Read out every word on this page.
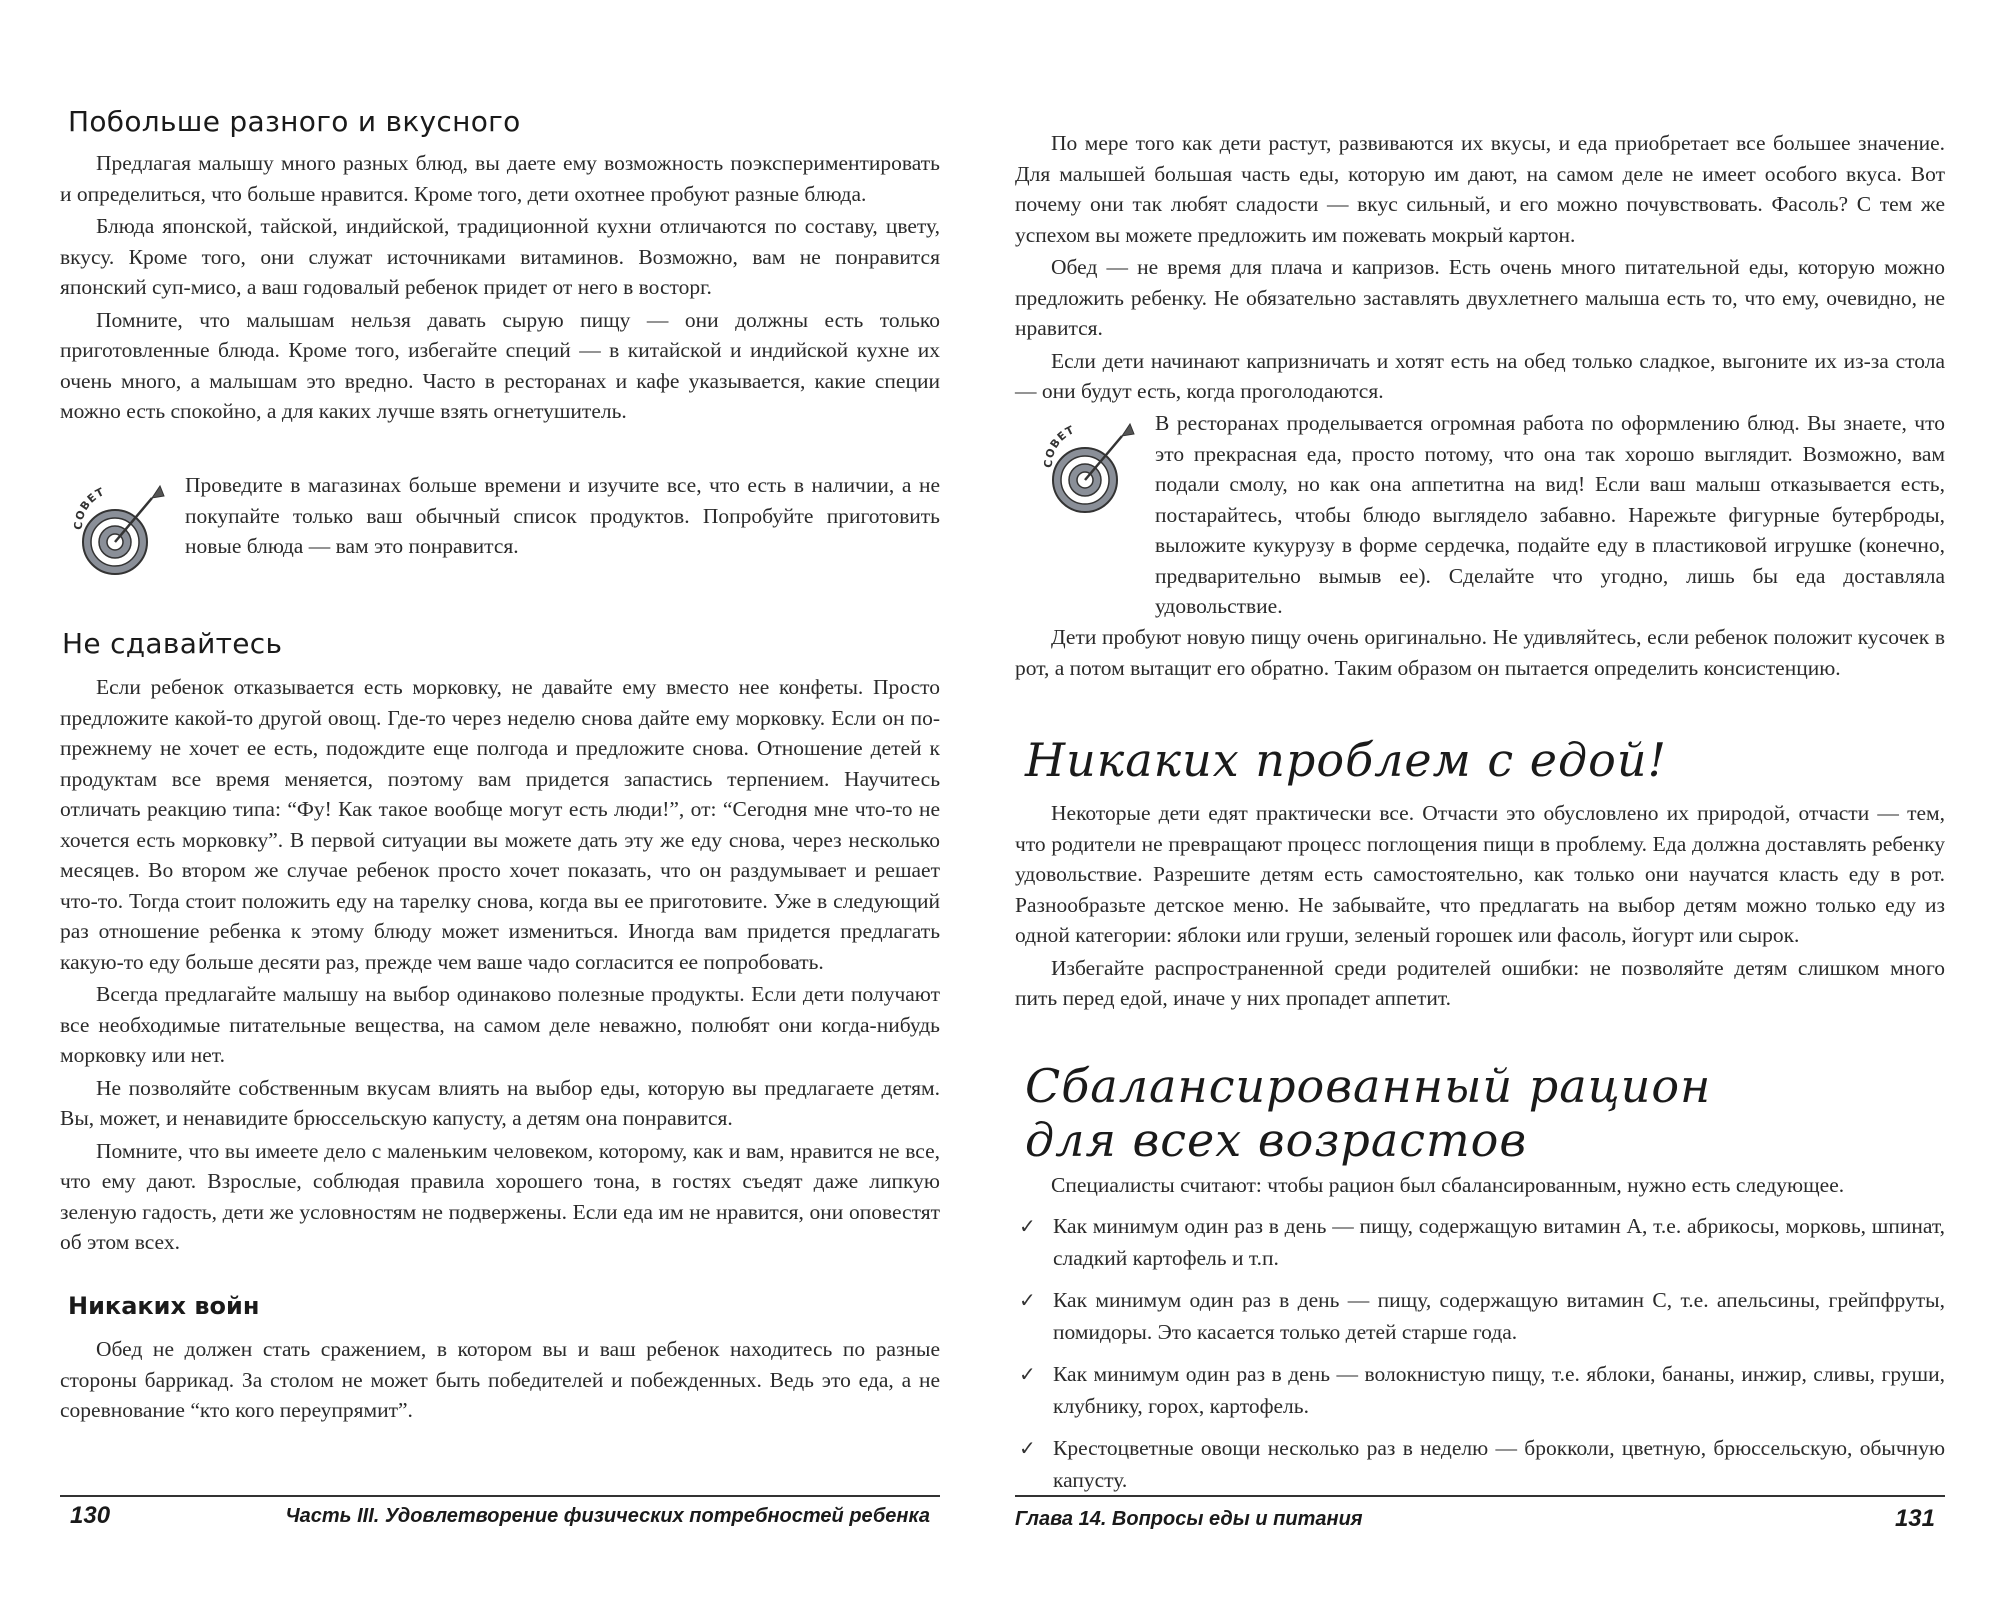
Побольше разного и вкусного

Предлагая малышу много разных блюд, вы даете ему возможность поэкспериментировать и определиться, что больше нравится. Кроме того, дети охотнее пробуют разные блюда.

Блюда японской, тайской, индийской, традиционной кухни отличаются по составу, цвету, вкусу. Кроме того, они служат источниками витаминов. Возможно, вам не понравится японский суп-мисо, а ваш годовалый ребенок придет от него в восторг.

Помните, что малышам нельзя давать сырую пищу — они должны есть только приготовленные блюда. Кроме того, избегайте специй — в китайской и индийской кухне их очень много, а малышам это вредно. Часто в ресторанах и кафе указывается, какие специи можно есть спокойно, а для каких лучше взять огнетушитель.

СОВЕТ	Проведите в магазинах больше времени и изучите все, что есть в наличии, а не покупайте только ваш обычный список продуктов. Попробуйте приготовить новые блюда — вам это понравится.
Не сдавайтесь

Если ребенок отказывается есть морковку, не давайте ему вместо нее конфеты. Просто предложите какой-то другой овощ. Где-то через неделю снова дайте ему морковку. Если он по-прежнему не хочет ее есть, подождите еще полгода и предложите снова. Отношение детей к продуктам все время меняется, поэтому вам придется запастись терпением. Научитесь отличать реакцию типа: “Фу! Как такое вообще могут есть люди!”, от: “Сегодня мне что-то не хочется есть морковку”. В первой ситуации вы можете дать эту же еду снова, через несколько месяцев. Во втором же случае ребенок просто хочет показать, что он раздумывает и решает что-то. Тогда стоит положить еду на тарелку снова, когда вы ее приготовите. Уже в следующий раз отношение ребенка к этому блюду может измениться. Иногда вам придется предлагать какую-то еду больше десяти раз, прежде чем ваше чадо согласится ее попробовать.

Всегда предлагайте малышу на выбор одинаково полезные продукты. Если дети получают все необходимые питательные вещества, на самом деле неважно, полюбят они когда-нибудь морковку или нет.

Не позволяйте собственным вкусам влиять на выбор еды, которую вы предлагаете детям. Вы, может, и ненавидите брюссельскую капусту, а детям она понравится.

Помните, что вы имеете дело с маленьким человеком, которому, как и вам, нравится не все, что ему дают. Взрослые, соблюдая правила хорошего тона, в гостях съедят даже липкую зеленую гадость, дети же условностям не подвержены. Если еда им не нравится, они оповестят об этом всех.

Никаких войн

Обед не должен стать сражением, в котором вы и ваш ребенок находитесь по разные стороны баррикад. За столом не может быть победителей и побежденных. Ведь это еда, а не соревнование “кто кого переупрямит”.

130	Часть III. Удовлетворение физических потребностей ребенка

По мере того как дети растут, развиваются их вкусы, и еда приобретает все большее значение. Для малышей большая часть еды, которую им дают, на самом деле не имеет особого вкуса. Вот почему они так любят сладости — вкус сильный, и его можно почувствовать. Фасоль? С тем же успехом вы можете предложить им пожевать мокрый картон.

Обед — не время для плача и капризов. Есть очень много питательной еды, которую можно предложить ребенку. Не обязательно заставлять двухлетнего малыша есть то, что ему, очевидно, не нравится.

Если дети начинают капризничать и хотят есть на обед только сладкое, выгоните их из-за стола — они будут есть, когда проголодаются.

СОВЕТ	В ресторанах проделывается огромная работа по оформлению блюд. Вы знаете, что это прекрасная еда, просто потому, что она так хорошо выглядит. Возможно, вам подали смолу, но как она аппетитна на вид! Если ваш малыш отказывается есть, постарайтесь, чтобы блюдо выглядело забавно. Нарежьте фигурные бутерброды, выложите кукурузу в форме сердечка, подайте еду в пластиковой игрушке (конечно, предварительно вымыв ее). Сделайте что угодно, лишь бы еда доставляла удовольствие.

Дети пробуют новую пищу очень оригинально. Не удивляйтесь, если ребенок положит кусочек в рот, а потом вытащит его обратно. Таким образом он пытается определить консистенцию.

Никаких проблем с едой!

Некоторые дети едят практически все. Отчасти это обусловлено их природой, отчасти — тем, что родители не превращают процесс поглощения пищи в проблему. Еда должна доставлять ребенку удовольствие. Разрешите детям есть самостоятельно, как только они научатся класть еду в рот. Разнообразьте детское меню. Не забывайте, что предлагать на выбор детям можно только еду из одной категории: яблоки или груши, зеленый горошек или фасоль, йогурт или сырок.

Избегайте распространенной среди родителей ошибки: не позволяйте детям слишком много пить перед едой, иначе у них пропадет аппетит.

Сбалансированный рацион
для всех возрастов

Специалисты считают: чтобы рацион был сбалансированным, нужно есть следующее.

✓ Как минимум один раз в день — пищу, содержащую витамин A, т.е. абрикосы, морковь, шпинат, сладкий картофель и т.п.
✓ Как минимум один раз в день — пищу, содержащую витамин C, т.е. апельсины, грейпфруты, помидоры. Это касается только детей старше года.
✓ Как минимум один раз в день — волокнистую пищу, т.е. яблоки, бананы, инжир, сливы, груши, клубнику, горох, картофель.
✓ Крестоцветные овощи несколько раз в неделю — брокколи, цветную, брюссельскую, обычную капусту.
Глава 14. Вопросы еды и питания	131
